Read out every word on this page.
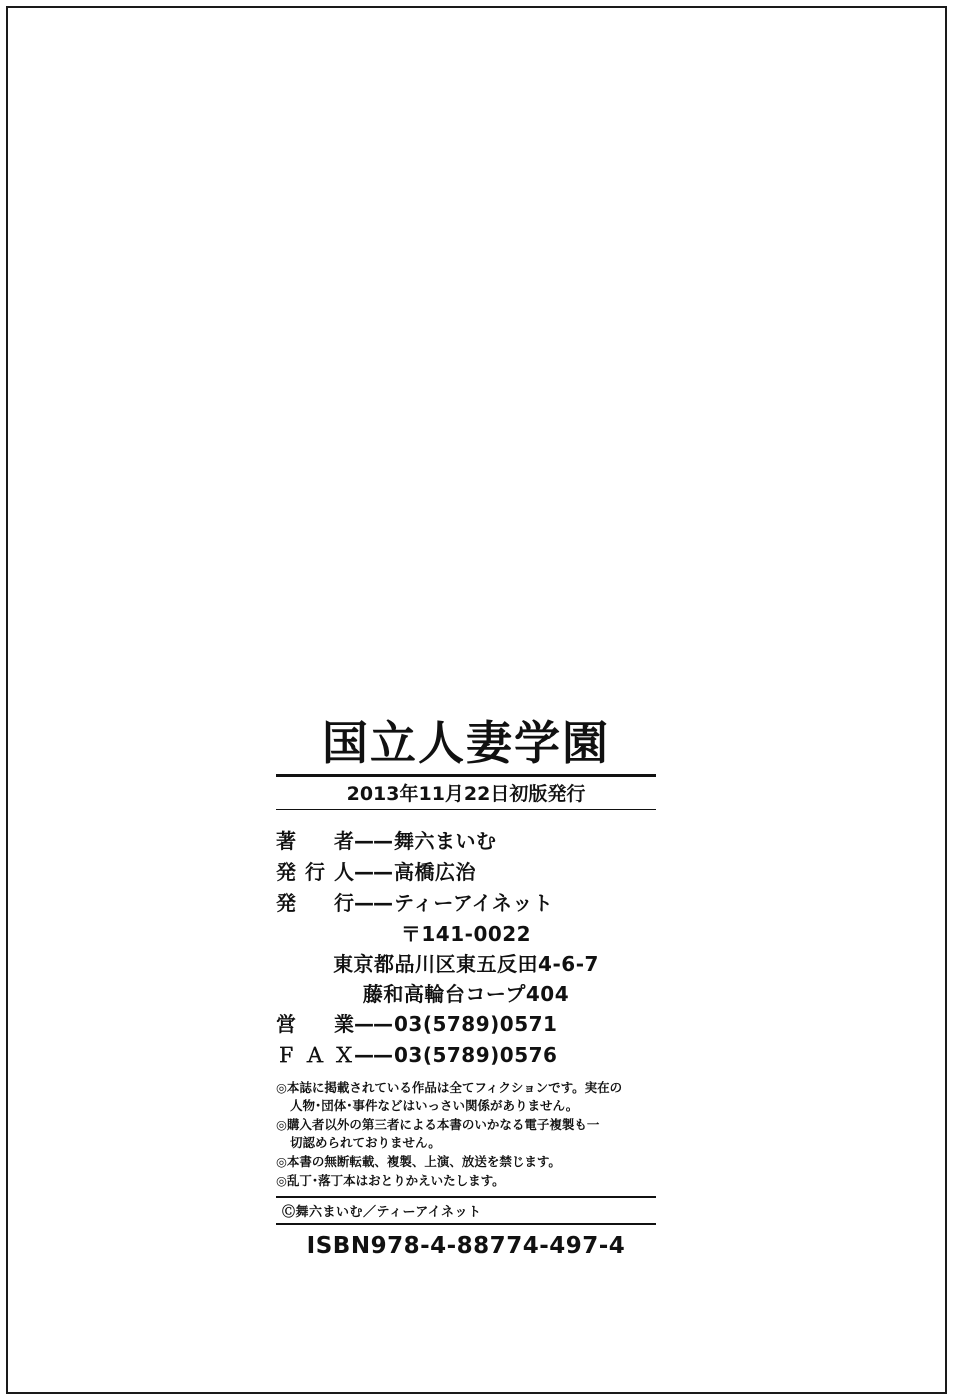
国立人妻学園
2013年11月22日初版発行
著　者 —— 舞六まいむ
発行人 —— 高橋広治
発　行 —— ティーアイネット
〒141-0022
東京都品川区東五反田4-6-7
藤和高輪台コープ404
営　業 —— 03(5789)0571
ＦＡＸ —— 03(5789)0576
◎本誌に掲載されている作品は全てフィクションです。実在の
人物･団体･事件などはいっさい関係がありません。
◎購入者以外の第三者による本書のいかなる電子複製も一
切認められておりません。
◎本書の無断転載、複製、上演、放送を禁じます。
◎乱丁･落丁本はおとりかえいたします。
Ⓒ舞六まいむ／ティーアイネット
ISBN978-4-88774-497-4
